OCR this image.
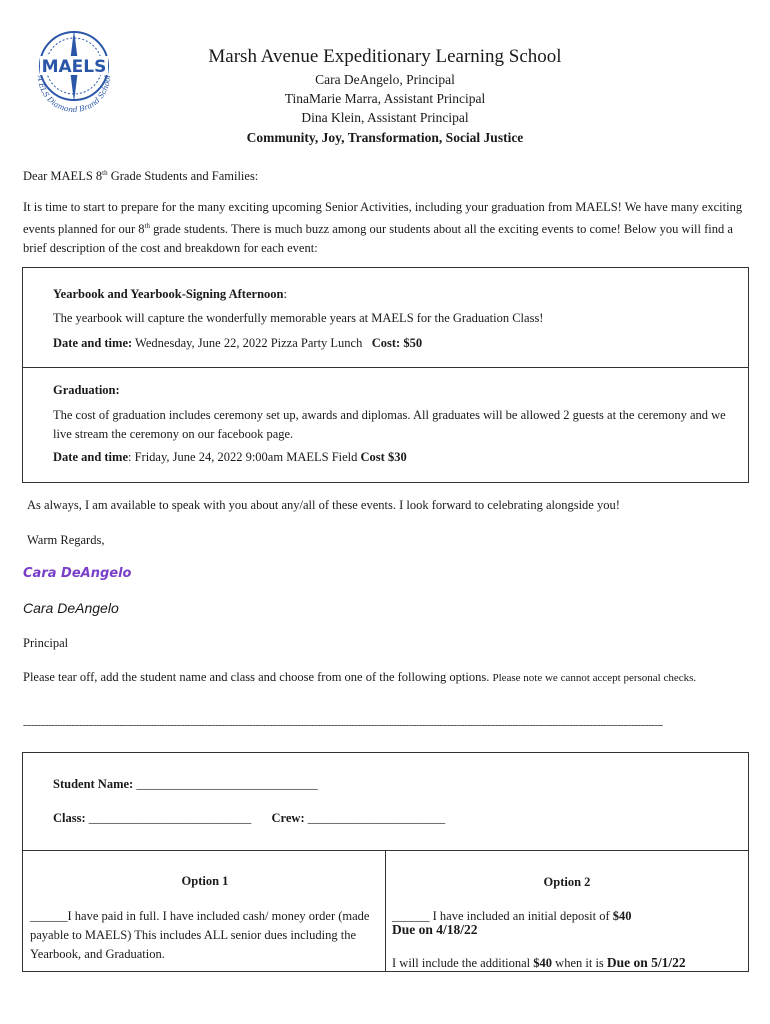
MAELS
A ELS Diamond Brand School
Marsh Avenue Expeditionary Learning School
Cara DeAngelo, Principal
TinaMarie Marra, Assistant Principal
Dina Klein, Assistant Principal
Community, Joy, Transformation, Social Justice
Dear MAELS 8th Grade Students and Families:
It is time to start to prepare for the many exciting upcoming Senior Activities, including your graduation from MAELS! We have many exciting events planned for our 8th grade students. There is much buzz among our students about all the exciting events to come! Below you will find a brief description of the cost and breakdown for each event:
Yearbook and Yearbook-Signing Afternoon:
The yearbook will capture the wonderfully memorable years at MAELS for the Graduation Class!
Date and time: Wednesday, June 22, 2022 Pizza Party Lunch Cost: $50
Graduation:
The cost of graduation includes ceremony set up, awards and diplomas. All graduates will be allowed 2 guests at the ceremony and we live stream the ceremony on our facebook page.
Date and time: Friday, June 24, 2022 9:00am MAELS Field Cost $30
As always, I am available to speak with you about any/all of these events. I look forward to celebrating alongside you!
Warm Regards,
Cara DeAngelo
Cara DeAngelo
Principal
Please tear off, add the student name and class and choose from one of the following options. Please note we cannot accept personal checks.
----------------------------------------------------------------------------------------------------------------------------------------------------------------------------------------------------------------------------------
Student Name: _____________________________
Class: __________________________ Crew: ______________________
Option 1
______I have paid in full. I have included cash/ money order (made payable to MAELS) This includes ALL senior dues including the Yearbook, and Graduation.
Option 2
______ I have included an initial deposit of $40
Due on 4/18/22
I will include the additional $40 when it is Due on 5/1/22
